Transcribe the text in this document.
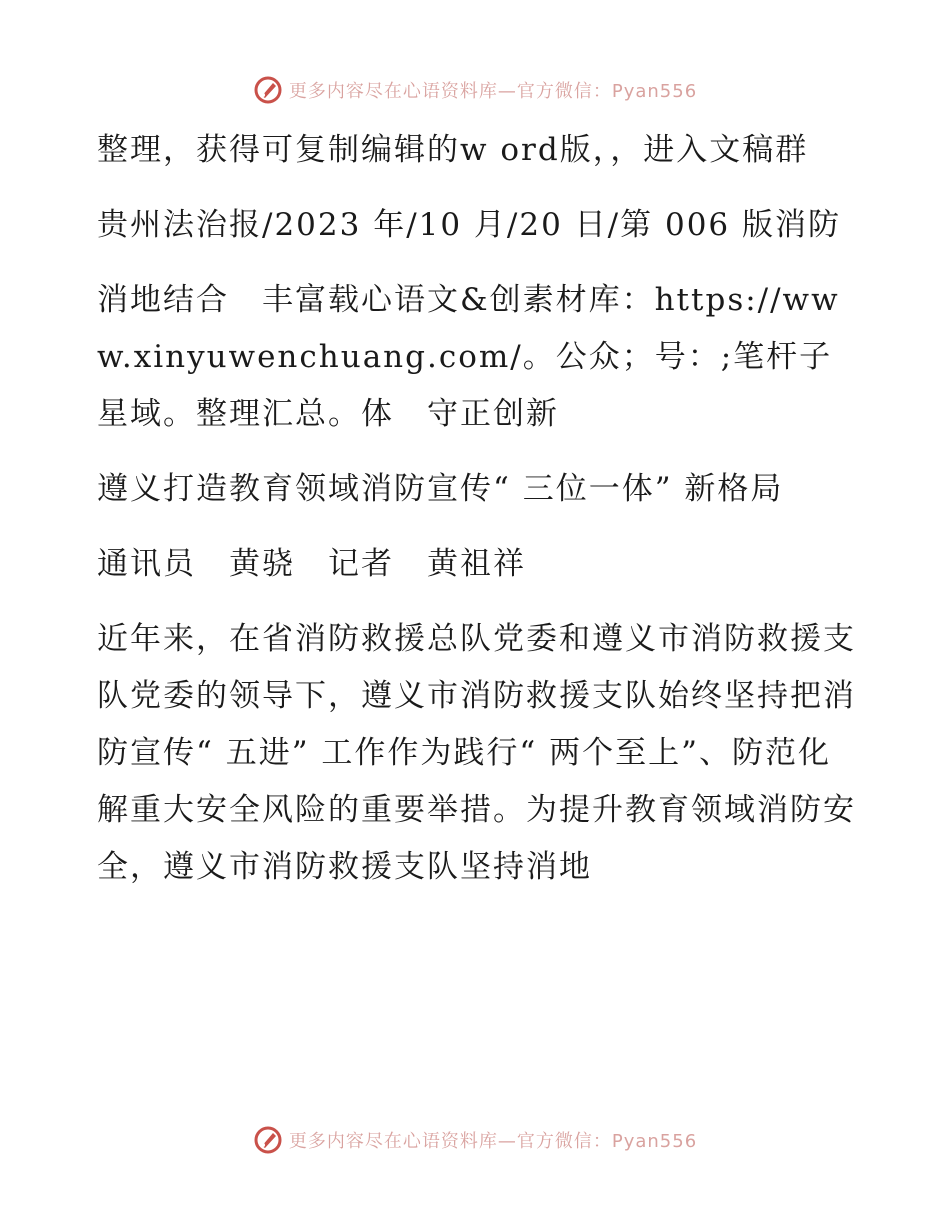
更多内容尽在心语资料库—官方微信：Pyan556

整理，获得可复制编辑的w ord版，，进入文稿群

贵州法治报/2023 年/10 月/20 日/第 006 版消防

消地结合　丰富载心语文&创素材库：https://www.xinyuwenchuang.com/。公众；号：;笔杆子星域。整理汇总。体　守正创新

遵义打造教育领域消防宣传“ 三位一体” 新格局

通讯员　黄骁　记者　黄祖祥

近年来，在省消防救援总队党委和遵义市消防救援支队党委的领导下，遵义市消防救援支队始终坚持把消防宣传“ 五进” 工作作为践行“ 两个至上”、防范化解重大安全风险的重要举措。为提升教育领域消防安全，遵义市消防救援支队坚持消地

更多内容尽在心语资料库—官方微信：Pyan556
